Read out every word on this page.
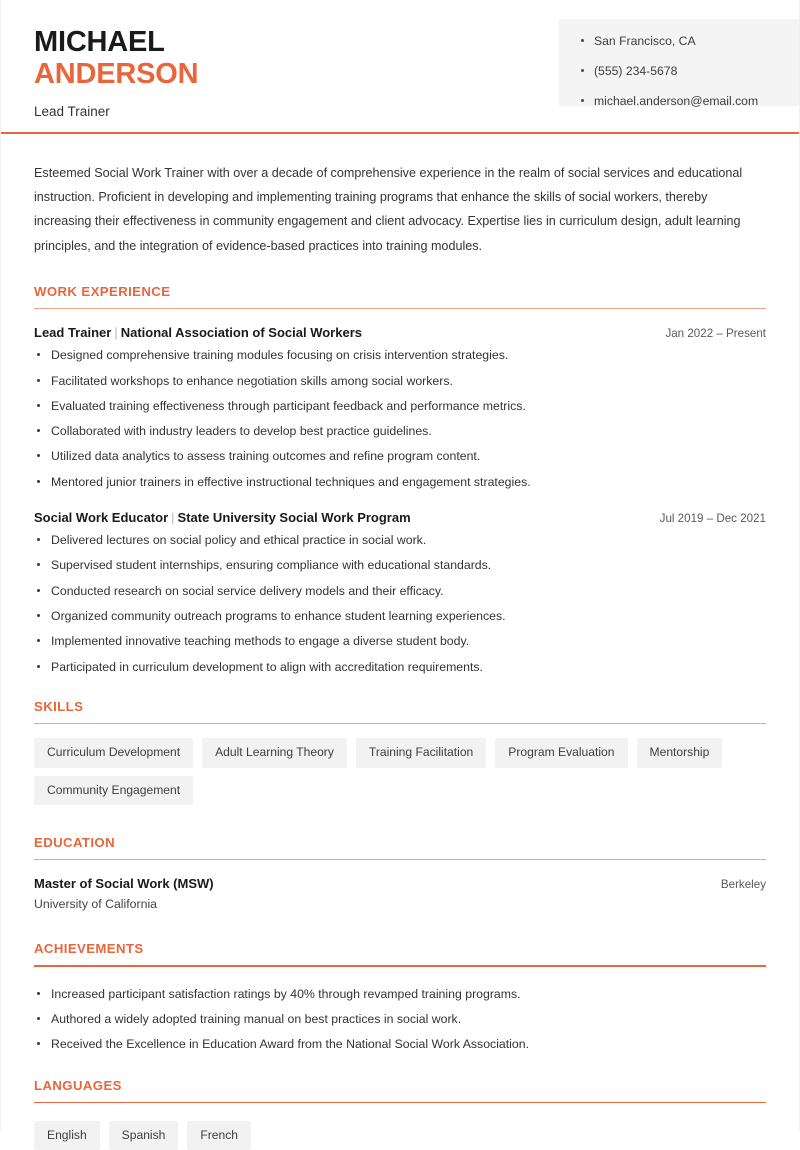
MICHAEL
ANDERSON
Lead Trainer
San Francisco, CA
(555) 234-5678
michael.anderson@email.com

Esteemed Social Work Trainer with over a decade of comprehensive experience in the realm of social services and educational instruction. Proficient in developing and implementing training programs that enhance the skills of social workers, thereby increasing their effectiveness in community engagement and client advocacy. Expertise lies in curriculum design, adult learning principles, and the integration of evidence-based practices into training modules.

WORK EXPERIENCE
Lead Trainer | National Association of Social Workers	Jan 2022 – Present
Designed comprehensive training modules focusing on crisis intervention strategies.
Facilitated workshops to enhance negotiation skills among social workers.
Evaluated training effectiveness through participant feedback and performance metrics.
Collaborated with industry leaders to develop best practice guidelines.
Utilized data analytics to assess training outcomes and refine program content.
Mentored junior trainers in effective instructional techniques and engagement strategies.
Social Work Educator | State University Social Work Program	Jul 2019 – Dec 2021
Delivered lectures on social policy and ethical practice in social work.
Supervised student internships, ensuring compliance with educational standards.
Conducted research on social service delivery models and their efficacy.
Organized community outreach programs to enhance student learning experiences.
Implemented innovative teaching methods to engage a diverse student body.
Participated in curriculum development to align with accreditation requirements.
SKILLS
Curriculum Development	Adult Learning Theory	Training Facilitation	Program Evaluation	Mentorship
Community Engagement
EDUCATION
Master of Social Work (MSW)	Berkeley
University of California
ACHIEVEMENTS
Increased participant satisfaction ratings by 40% through revamped training programs.
Authored a widely adopted training manual on best practices in social work.
Received the Excellence in Education Award from the National Social Work Association.
LANGUAGES
English	Spanish	French
